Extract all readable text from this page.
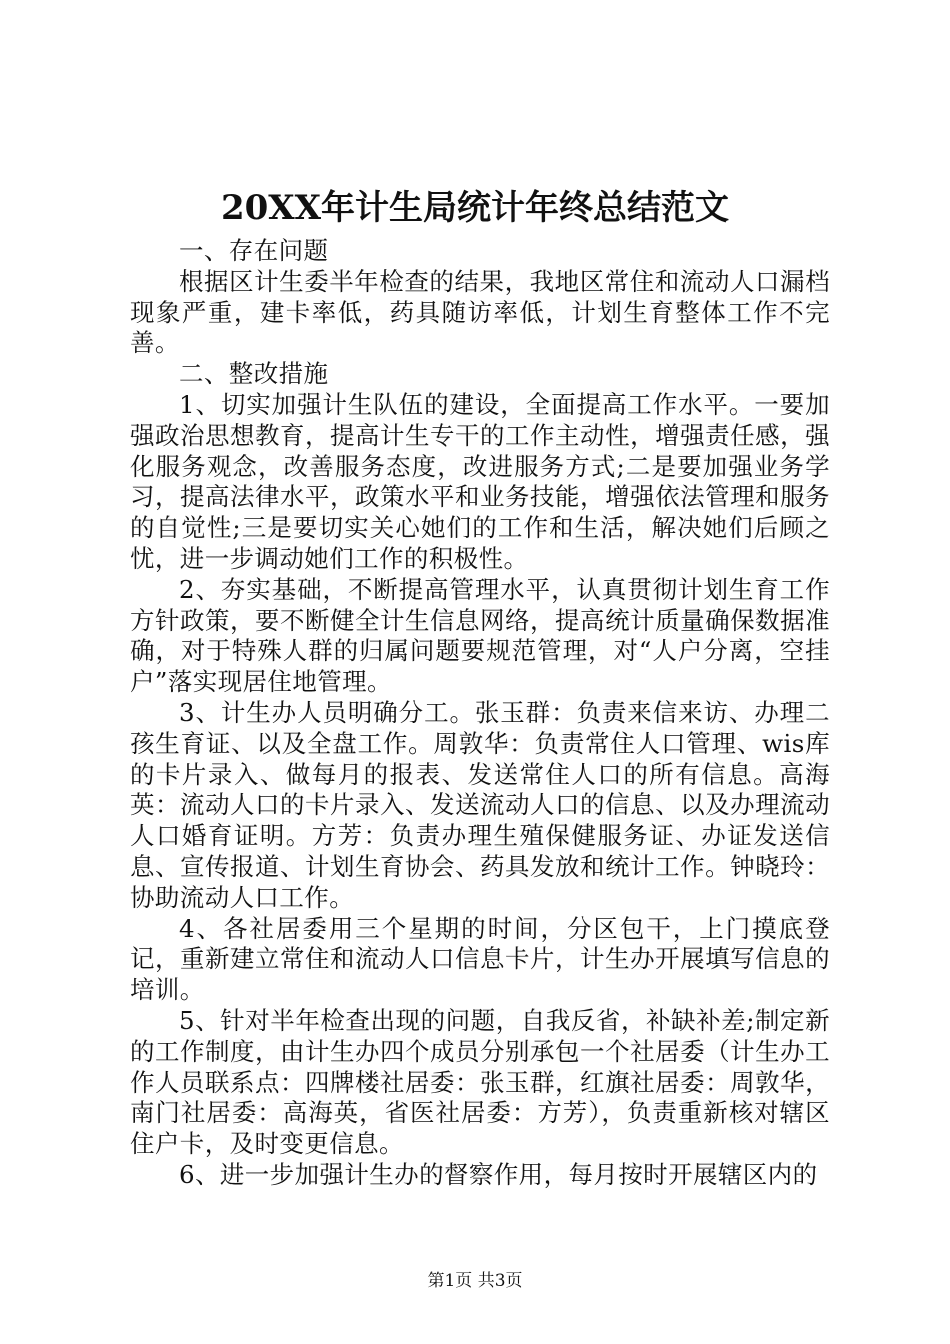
20XX年计生局统计年终总结范文

一、存在问题

根据区计生委半年检查的结果，我地区常住和流动人口漏档现象严重，建卡率低，药具随访率低，计划生育整体工作不完善。

二、整改措施

1、切实加强计生队伍的建设，全面提高工作水平。一要加强政治思想教育，提高计生专干的工作主动性，增强责任感，强化服务观念，改善服务态度，改进服务方式;二是要加强业务学习，提高法律水平，政策水平和业务技能，增强依法管理和服务的自觉性;三是要切实关心她们的工作和生活，解决她们后顾之忧，进一步调动她们工作的积极性。

2、夯实基础，不断提高管理水平，认真贯彻计划生育工作方针政策，要不断健全计生信息网络，提高统计质量确保数据准确，对于特殊人群的归属问题要规范管理，对“人户分离，空挂户”落实现居住地管理。

3、计生办人员明确分工。张玉群：负责来信来访、办理二孩生育证、以及全盘工作。周敦华：负责常住人口管理、wis库的卡片录入、做每月的报表、发送常住人口的所有信息。高海英：流动人口的卡片录入、发送流动人口的信息、以及办理流动人口婚育证明。方芳：负责办理生殖保健服务证、办证发送信息、宣传报道、计划生育协会、药具发放和统计工作。钟晓玲：协助流动人口工作。

4、各社居委用三个星期的时间，分区包干，上门摸底登记，重新建立常住和流动人口信息卡片，计生办开展填写信息的培训。

5、针对半年检查出现的问题，自我反省，补缺补差;制定新的工作制度，由计生办四个成员分别承包一个社居委（计生办工作人员联系点：四牌楼社居委：张玉群，红旗社居委：周敦华，南门社居委：高海英，省医社居委：方芳），负责重新核对辖区住户卡，及时变更信息。

6、进一步加强计生办的督察作用，每月按时开展辖区内的

第1页 共3页
